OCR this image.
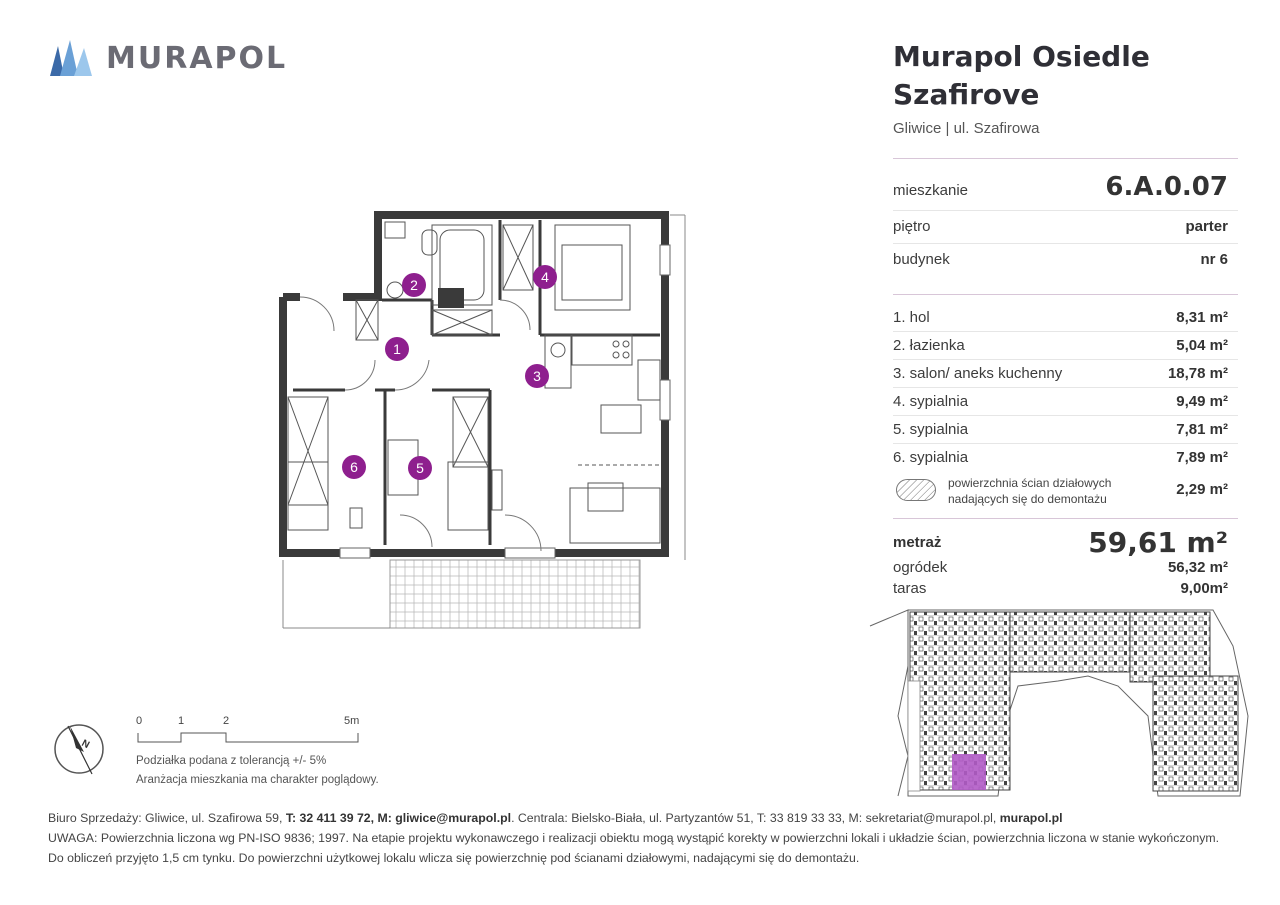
MURAPOL	Murapol Osiedle
Szafirove
Gliwice | ul. Szafirowa
mieszkanie	6.A.0.07
piętro	parter
budynek	nr 6
1. hol	8,31 m²
2. łazienka	5,04 m²
3. salon/ aneks kuchenny	18,78 m²
4. sypialnia	9,49 m²
5. sypialnia	7,81 m²
6. sypialnia	7,89 m²
powierzchnia ścian działowych
nadających się do demontażu
2,29 m²
metraż	59,61 m²
ogródek	56,32 m²
taras	9,00m²
1
2
3
4
5
6
N
0	1	2	5m
Podziałka podana z tolerancją +/- 5%
Aranżacja mieszkania ma charakter poglądowy.
Biuro Sprzedaży: Gliwice, ul. Szafirowa 59, T: 32 411 39 72, M: gliwice@murapol.pl. Centrala: Bielsko-Biała, ul. Partyzantów 51, T: 33 819 33 33, M: sekretariat@murapol.pl, murapol.pl
UWAGA: Powierzchnia liczona wg PN-ISO 9836; 1997. Na etapie projektu wykonawczego i realizacji obiektu mogą wystąpić korekty w powierzchni lokali i układzie ścian, powierzchnia liczona w stanie wykończonym.
Do obliczeń przyjęto 1,5 cm tynku. Do powierzchni użytkowej lokalu wlicza się powierzchnię pod ścianami działowymi, nadającymi się do demontażu.
